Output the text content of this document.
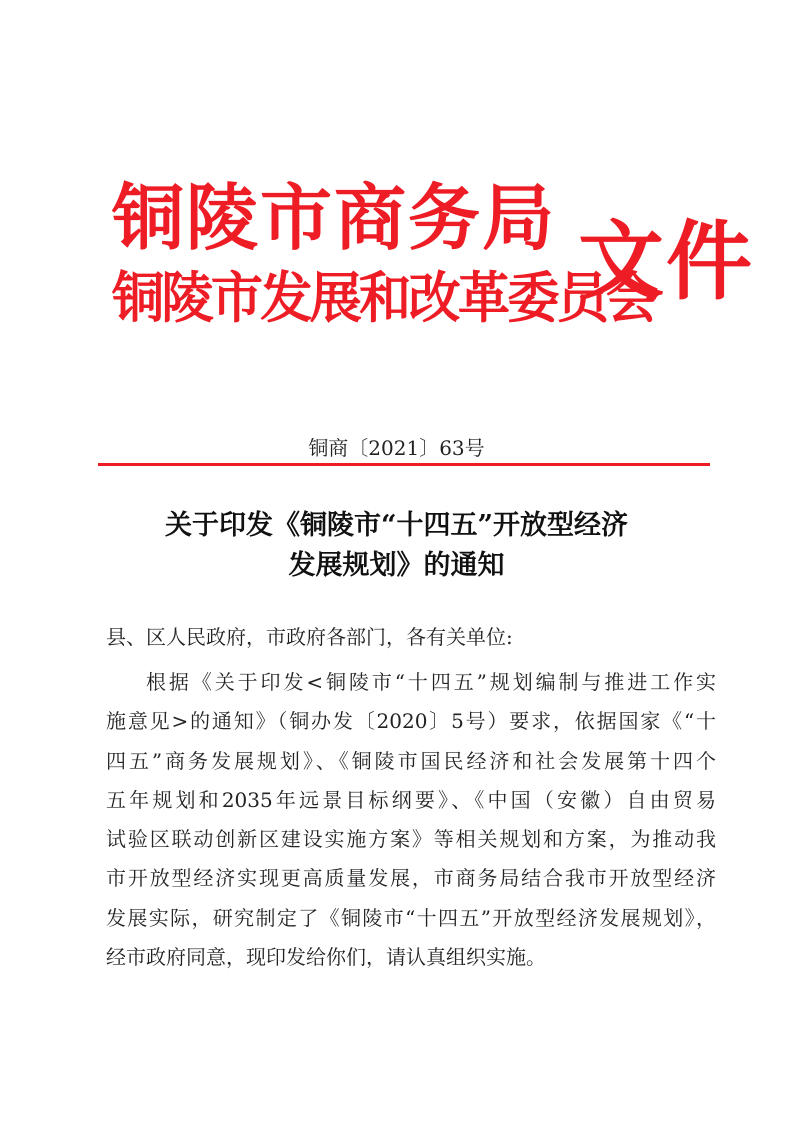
铜陵市商务局
铜陵市发展和改革委员会
文件
铜商〔2021〕63号
关于印发《铜陵市“十四五”开放型经济
发展规划》的通知
县、区人民政府，市政府各部门，各有关单位:
根据《关于印发<铜陵市“十四五”规划编制与推进工作实
施意见>的通知》（铜办发〔2020〕5号）要求，依据国家《“十
四五”商务发展规划》、《铜陵市国民经济和社会发展第十四个
五年规划和2035年远景目标纲要》、《中国（安徽）自由贸易
试验区联动创新区建设实施方案》等相关规划和方案，为推动我
市开放型经济实现更高质量发展，市商务局结合我市开放型经济
发展实际，研究制定了《铜陵市“十四五”开放型经济发展规划》，
经市政府同意，现印发给你们，请认真组织实施。
